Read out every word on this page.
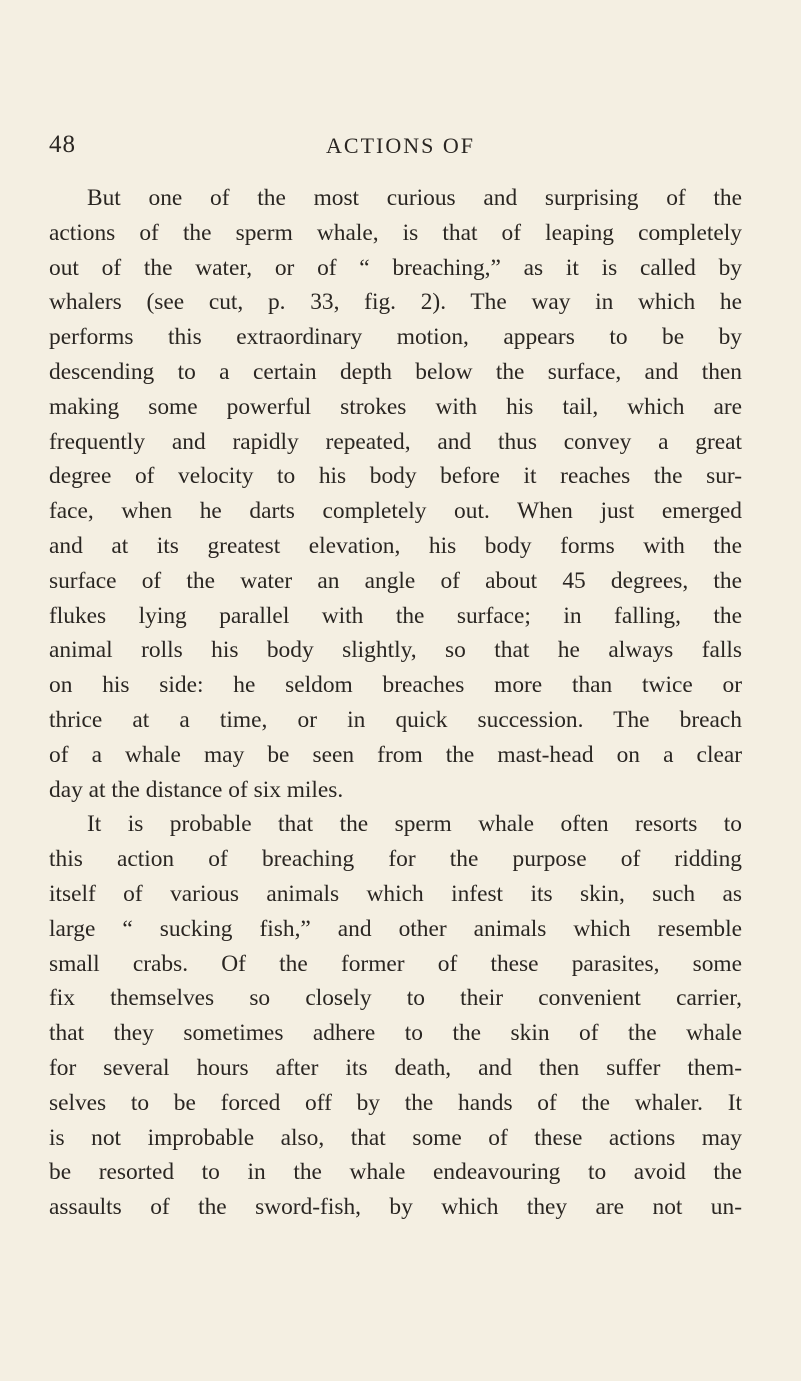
48	ACTIONS OF
But one of the most curious and surprising of the
actions of the sperm whale, is that of leaping completely
out of the water, or of “ breaching,” as it is called by
whalers (see cut, p. 33, fig. 2). The way in which he
performs this extraordinary motion, appears to be by
descending to a certain depth below the surface, and then
making some powerful strokes with his tail, which are
frequently and rapidly repeated, and thus convey a great
degree of velocity to his body before it reaches the sur-
face, when he darts completely out. When just emerged
and at its greatest elevation, his body forms with the
surface of the water an angle of about 45 degrees, the
flukes lying parallel with the surface; in falling, the
animal rolls his body slightly, so that he always falls
on his side: he seldom breaches more than twice or
thrice at a time, or in quick succession. The breach
of a whale may be seen from the mast-head on a clear
day at the distance of six miles.
It is probable that the sperm whale often resorts to
this action of breaching for the purpose of ridding
itself of various animals which infest its skin, such as
large “ sucking fish,” and other animals which resemble
small crabs. Of the former of these parasites, some
fix themselves so closely to their convenient carrier,
that they sometimes adhere to the skin of the whale
for several hours after its death, and then suffer them-
selves to be forced off by the hands of the whaler. It
is not improbable also, that some of these actions may
be resorted to in the whale endeavouring to avoid the
assaults of the sword-fish, by which they are not un-
